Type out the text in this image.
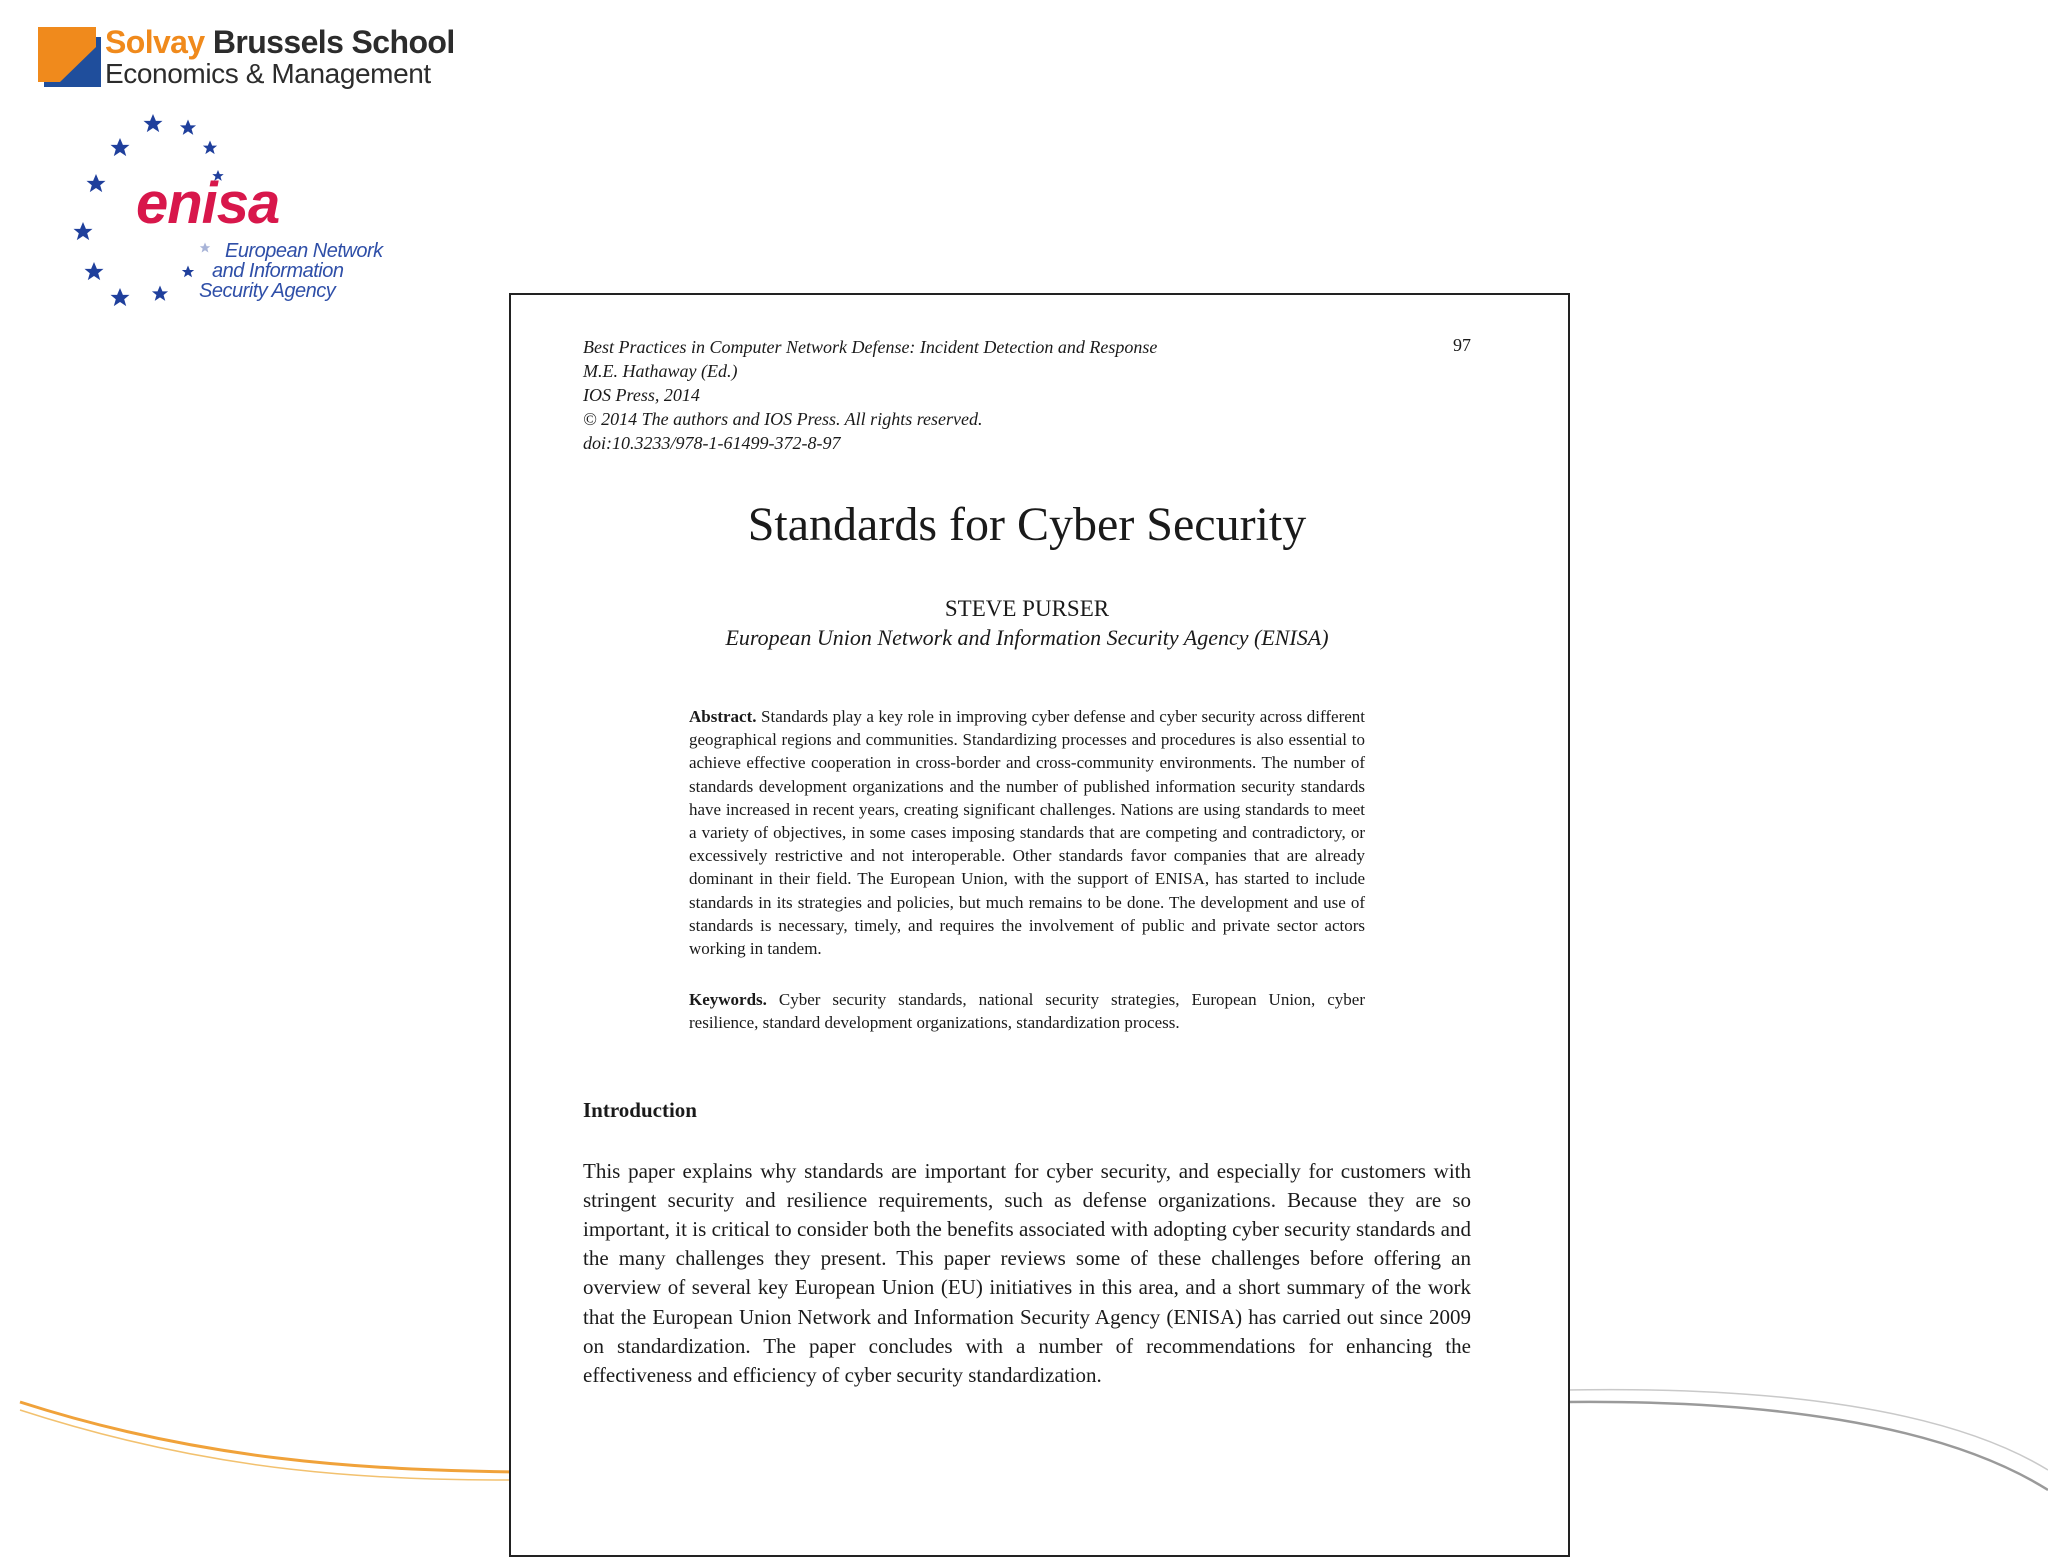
Solvay Brussels School
Economics & Management
enisa
European Network
and Information
Security Agency
97
Best Practices in Computer Network Defense: Incident Detection and Response
M.E. Hathaway (Ed.)
IOS Press, 2014
© 2014 The authors and IOS Press. All rights reserved.
doi:10.3233/978-1-61499-372-8-97
Standards for Cyber Security
STEVE PURSER
European Union Network and Information Security Agency (ENISA)
Abstract. Standards play a key role in improving cyber defense and cyber security across different geographical regions and communities. Standardizing processes and procedures is also essential to achieve effective cooperation in cross-border and cross-community environments. The number of standards development organizations and the number of published information security standards have increased in recent years, creating significant challenges. Nations are using standards to meet a variety of objectives, in some cases imposing standards that are competing and contradictory, or excessively restrictive and not interoperable. Other standards favor companies that are already dominant in their field. The European Union, with the support of ENISA, has started to include standards in its strategies and policies, but much remains to be done. The development and use of standards is necessary, timely, and requires the involvement of public and private sector actors working in tandem.
Keywords. Cyber security standards, national security strategies, European Union, cyber resilience, standard development organizations, standardization process.
Introduction
This paper explains why standards are important for cyber security, and especially for customers with stringent security and resilience requirements, such as defense organizations. Because they are so important, it is critical to consider both the benefits associated with adopting cyber security standards and the many challenges they present. This paper reviews some of these challenges before offering an overview of several key European Union (EU) initiatives in this area, and a short summary of the work that the European Union Network and Information Security Agency (ENISA) has carried out since 2009 on standardization. The paper concludes with a number of recommendations for enhancing the effectiveness and efficiency of cyber security standardization.
